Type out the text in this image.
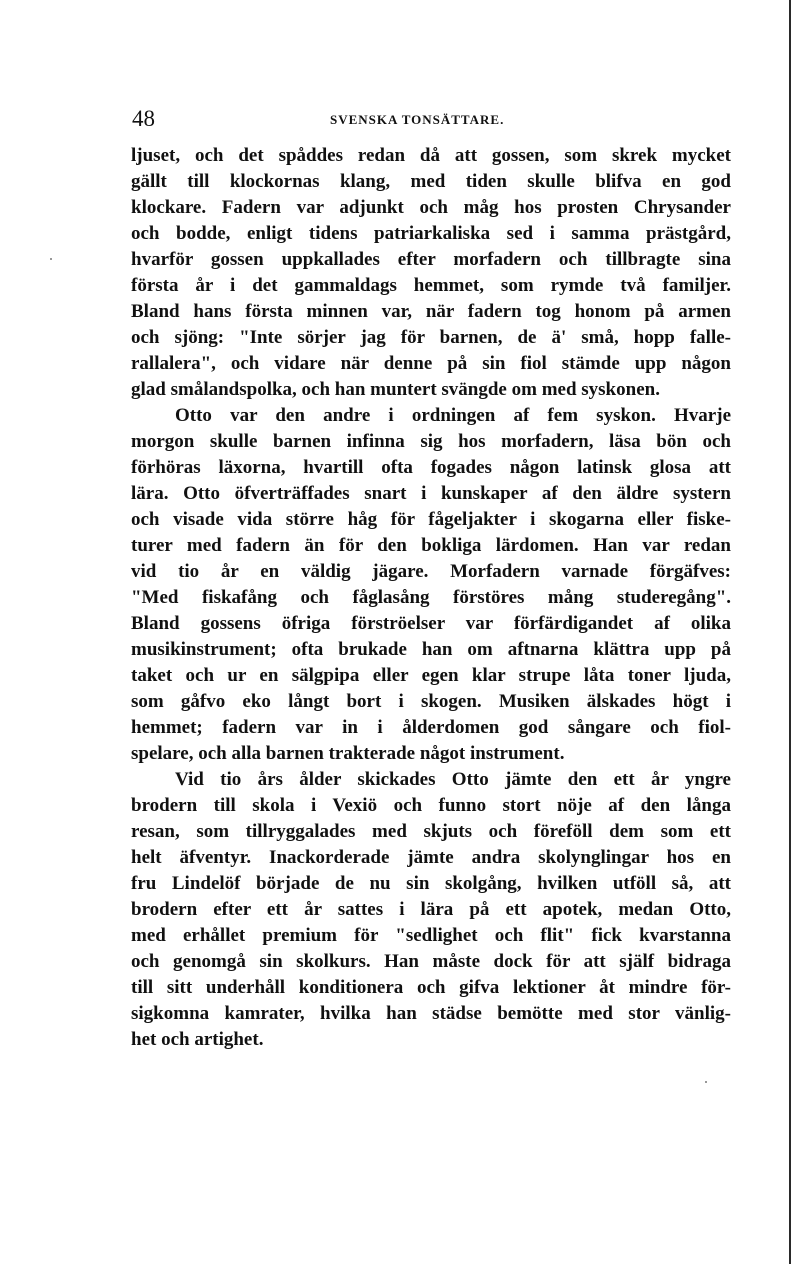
48	SVENSKA TONSÄTTARE.
ljuset, och det spåddes redan då att gossen, som skrek mycket
gällt till klockornas klang, med tiden skulle blifva en god
klockare. Fadern var adjunkt och måg hos prosten Chrysander
och bodde, enligt tidens patriarkaliska sed i samma prästgård,
hvarför gossen uppkallades efter morfadern och tillbragte sina
första år i det gammaldags hemmet, som rymde två familjer.
Bland hans första minnen var, när fadern tog honom på armen
och sjöng: "Inte sörjer jag för barnen, de ä' små, hopp falle-
rallalera", och vidare när denne på sin fiol stämde upp någon
glad smålandspolka, och han muntert svängde om med syskonen.
Otto var den andre i ordningen af fem syskon. Hvarje
morgon skulle barnen infinna sig hos morfadern, läsa bön och
förhöras läxorna, hvartill ofta fogades någon latinsk glosa att
lära. Otto öfverträffades snart i kunskaper af den äldre systern
och visade vida större håg för fågeljakter i skogarna eller fiske-
turer med fadern än för den bokliga lärdomen. Han var redan
vid tio år en väldig jägare. Morfadern varnade förgäfves:
"Med fiskafång och fåglasång förstöres mång studeregång".
Bland gossens öfriga förströelser var förfärdigandet af olika
musikinstrument; ofta brukade han om aftnarna klättra upp på
taket och ur en sälgpipa eller egen klar strupe låta toner ljuda,
som gåfvo eko långt bort i skogen. Musiken älskades högt i
hemmet; fadern var in i ålderdomen god sångare och fiol-
spelare, och alla barnen trakterade något instrument.
Vid tio års ålder skickades Otto jämte den ett år yngre
brodern till skola i Vexiö och funno stort nöje af den långa
resan, som tillryggalades med skjuts och föreföll dem som ett
helt äfventyr. Inackorderade jämte andra skolynglingar hos en
fru Lindelöf började de nu sin skolgång, hvilken utföll så, att
brodern efter ett år sattes i lära på ett apotek, medan Otto,
med erhållet premium för "sedlighet och flit" fick kvarstanna
och genomgå sin skolkurs. Han måste dock för att själf bidraga
till sitt underhåll konditionera och gifva lektioner åt mindre för-
sigkomna kamrater, hvilka han städse bemötte med stor vänlig-
het och artighet.
